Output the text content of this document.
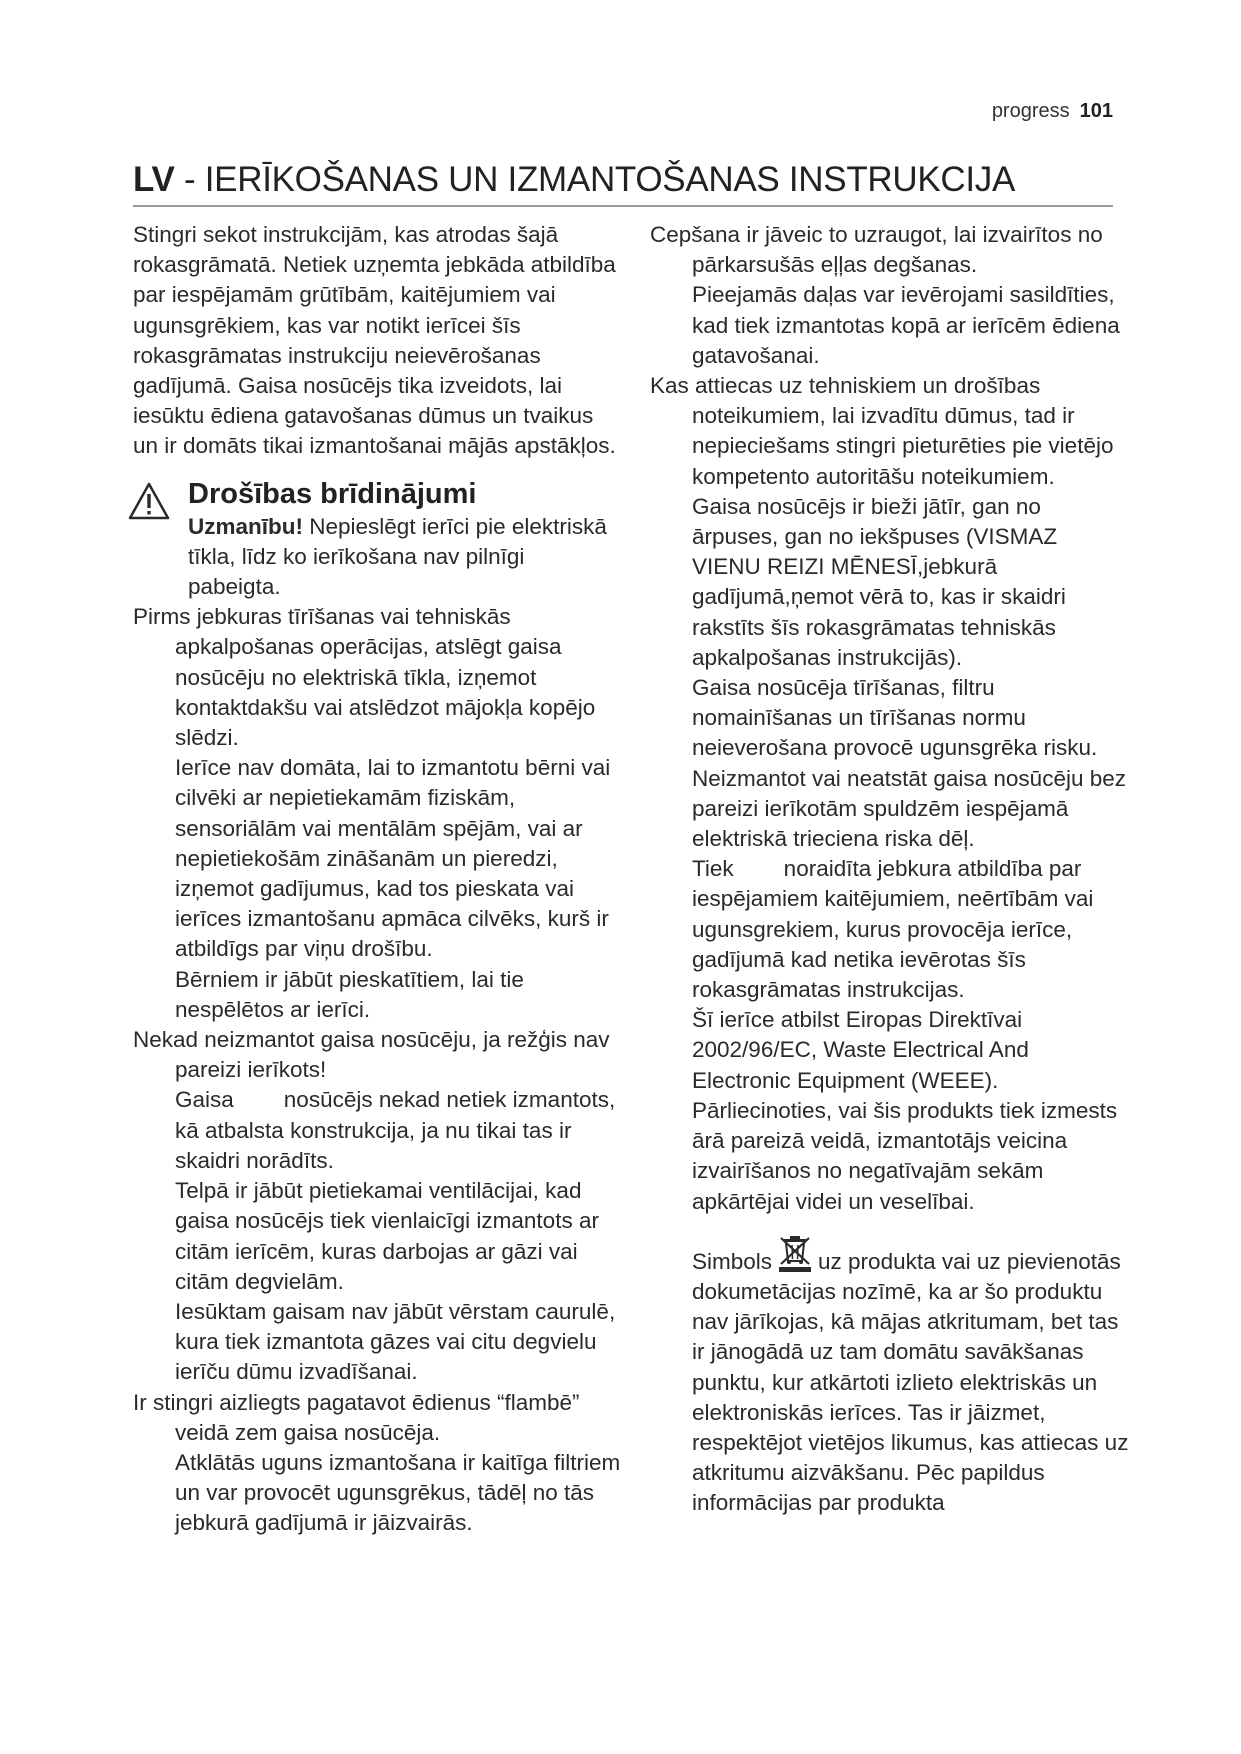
progress 101
LV - IERĪKOŠANAS UN IZMANTOŠANAS INSTRUKCIJA

Stingri sekot instrukcijām, kas atrodas šajā rokasgrāmatā. Netiek uzņemta jebkāda atbildība par iespējamām grūtībām, kaitējumiem vai ugunsgrēkiem, kas var notikt ierīcei šīs rokasgrāmatas instrukciju neievērošanas gadījumā. Gaisa nosūcējs tika izveidots, lai iesūktu ēdiena gatavošanas dūmus un tvaikus un ir domāts tikai izmantošanai mājās apstākļos.

Drošības brīdinājumi

Uzmanību! Nepieslēgt ierīci pie elektriskā tīkla, līdz ko ierīkošana nav pilnīgi pabeigta.

Pirms jebkuras tīrīšanas vai tehniskās apkalpošanas operācijas, atslēgt gaisa nosūcēju no elektriskā tīkla, izņemot kontaktdakšu vai atslēdzot mājokļa kopējo slēdzi.

Ierīce nav domāta, lai to izmantotu bērni vai cilvēki ar nepietiekamām fiziskām, sensoriālām vai mentālām spējām, vai ar nepietiekošām zināšanām un pieredzi, izņemot gadījumus, kad tos pieskata vai ierīces izmantošanu apmāca cilvēks, kurš ir atbildīgs par viņu drošību.

Bērniem ir jābūt pieskatītiem, lai tie nespēlētos ar ierīci.

Nekad neizmantot gaisa nosūcēju, ja režģis nav pareizi ierīkots!

Gaisa        nosūcējs nekad netiek izmantots, kā atbalsta konstrukcija, ja nu tikai tas ir skaidri norādīts.

Telpā ir jābūt pietiekamai ventilācijai, kad gaisa nosūcējs tiek vienlaicīgi izmantots ar citām ierīcēm, kuras darbojas ar gāzi vai citām degvielām.

Iesūktam gaisam nav jābūt vērstam caurulē, kura tiek izmantota gāzes vai citu degvielu ierīču dūmu izvadīšanai.

Ir stingri aizliegts pagatavot ēdienus “flambē” veidā zem gaisa nosūcēja.

Atklātās uguns izmantošana ir kaitīga filtriem un var provocēt ugunsgrēkus, tādēļ no tās jebkurā gadījumā ir jāizvairās.

Cepšana ir jāveic to uzraugot, lai izvairītos no pārkarsušās eļļas degšanas.

Pieejamās daļas var ievērojami sasildīties, kad tiek izmantotas kopā ar ierīcēm ēdiena gatavošanai.

Kas attiecas uz tehniskiem un drošības noteikumiem, lai izvadītu dūmus, tad ir nepieciešams stingri pieturēties pie vietējo kompetento autoritāšu noteikumiem.

Gaisa nosūcējs ir bieži jātīr, gan no ārpuses, gan no iekšpuses (VISMAZ VIENU REIZI MĒNESĪ,jebkurā gadījumā,ņemot vērā to, kas ir skaidri rakstīts šīs rokasgrāmatas tehniskās apkalpošanas instrukcijās).

Gaisa nosūcēja tīrīšanas, filtru nomainīšanas un tīrīšanas normu neieverošana provocē ugunsgrēka risku. Neizmantot vai neatstāt gaisa nosūcēju bez pareizi ierīkotām spuldzēm iespējamā elektriskā trieciena riska dēļ.

Tiek        noraidīta jebkura atbildība par iespējamiem kaitējumiem, neērtībām vai ugunsgrekiem, kurus provocēja ierīce, gadījumā kad netika ievērotas šīs rokasgrāmatas instrukcijas.

Šī ierīce atbilst Eiropas Direktīvai 2002/96/EC, Waste Electrical And Electronic Equipment (WEEE).

Pārliecinoties, vai šis produkts tiek izmests ārā pareizā veidā, izmantotājs veicina izvairīšanos no negatīvajām sekām apkārtējai videi un veselībai.

Simbols uz produkta vai uz pievienotās dokumetācijas nozīmē, ka ar šo produktu nav jārīkojas, kā mājas atkritumam, bet tas ir jānogādā uz tam domātu savākšanas punktu, kur atkārtoti izlieto elektriskās un elektroniskās ierīces. Tas ir jāizmet, respektējot vietējos likumus, kas attiecas uz atkritumu aizvākšanu. Pēc papildus informācijas par produkta
